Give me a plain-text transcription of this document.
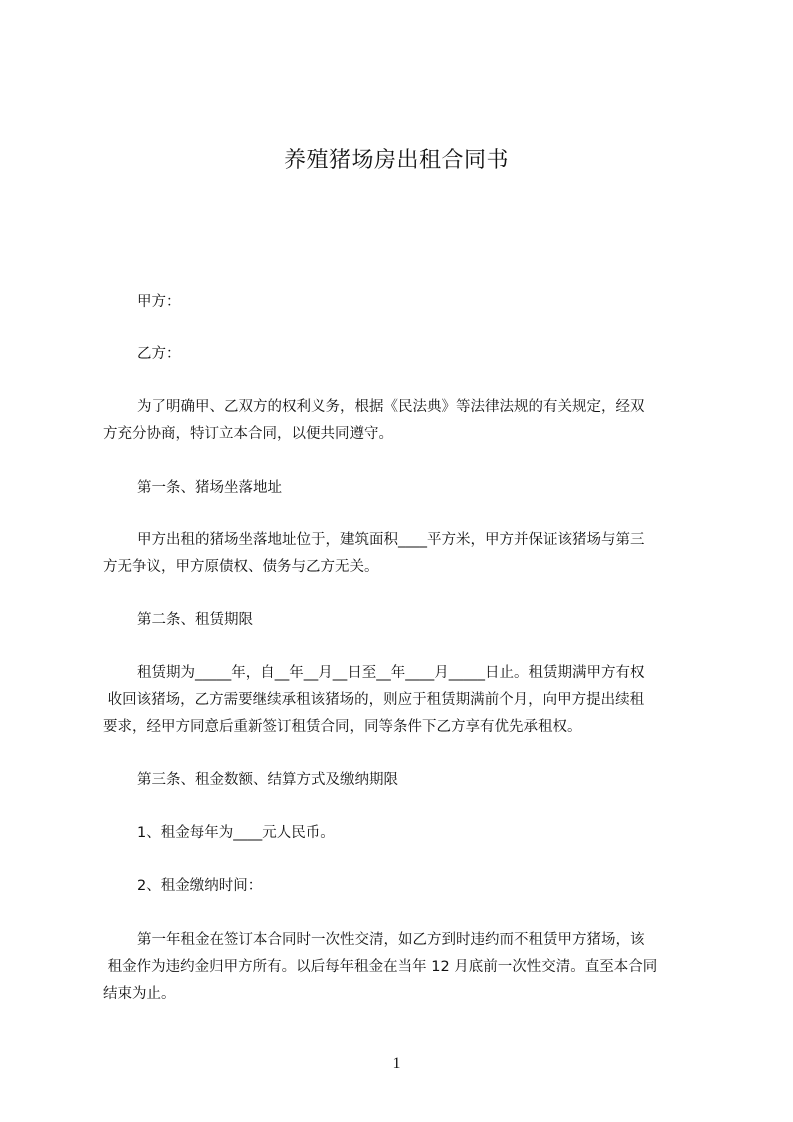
养殖猪场房出租合同书

甲方：

乙方：

为了明确甲、乙双方的权利义务，根据《民法典》等法律法规的有关规定，经双
方充分协商，特订立本合同，以便共同遵守。

第一条、猪场坐落地址

甲方出租的猪场坐落地址位于，建筑面积____平方米，甲方并保证该猪场与第三
方无争议，甲方原债权、债务与乙方无关。

第二条、租赁期限

租赁期为_____年，自__年__月__日至__年____月_____日止。租赁期满甲方有权
收回该猪场，乙方需要继续承租该猪场的，则应于租赁期满前个月，向甲方提出续租
要求，经甲方同意后重新签订租赁合同，同等条件下乙方享有优先承租权。

第三条、租金数额、结算方式及缴纳期限

1、租金每年为____元人民币。

2、租金缴纳时间：

第一年租金在签订本合同时一次性交清，如乙方到时违约而不租赁甲方猪场，该
租金作为违约金归甲方所有。以后每年租金在当年 12 月底前一次性交清。直至本合同
结束为止。
1
